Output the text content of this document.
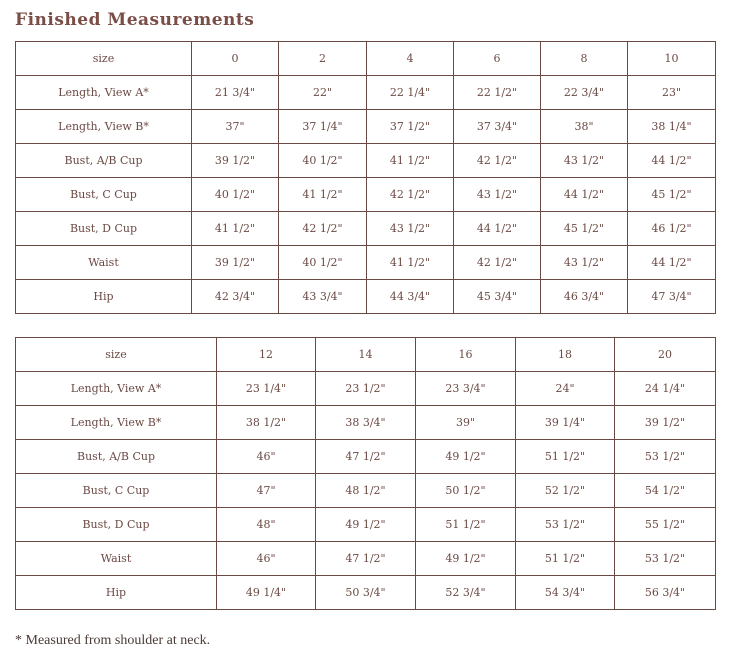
Finished Measurements
size	0	2	4	6	8	10
Length, View A*	21 3/4"	22"	22 1/4"	22 1/2"	22 3/4"	23"
Length, View B*	37"	37 1/4"	37 1/2"	37 3/4"	38"	38 1/4"
Bust, A/B Cup	39 1/2"	40 1/2"	41 1/2"	42 1/2"	43 1/2"	44 1/2"
Bust, C Cup	40 1/2"	41 1/2"	42 1/2"	43 1/2"	44 1/2"	45 1/2"
Bust, D Cup	41 1/2"	42 1/2"	43 1/2"	44 1/2"	45 1/2"	46 1/2"
Waist	39 1/2"	40 1/2"	41 1/2"	42 1/2"	43 1/2"	44 1/2"
Hip	42 3/4"	43 3/4"	44 3/4"	45 3/4"	46 3/4"	47 3/4"
size	12	14	16	18	20
Length, View A*	23 1/4"	23 1/2"	23 3/4"	24"	24 1/4"
Length, View B*	38 1/2"	38 3/4"	39"	39 1/4"	39 1/2"
Bust, A/B Cup	46"	47 1/2"	49 1/2"	51 1/2"	53 1/2"
Bust, C Cup	47"	48 1/2"	50 1/2"	52 1/2"	54 1/2"
Bust, D Cup	48"	49 1/2"	51 1/2"	53 1/2"	55 1/2"
Waist	46"	47 1/2"	49 1/2"	51 1/2"	53 1/2"
Hip	49 1/4"	50 3/4"	52 3/4"	54 3/4"	56 3/4"
* Measured from shoulder at neck.
